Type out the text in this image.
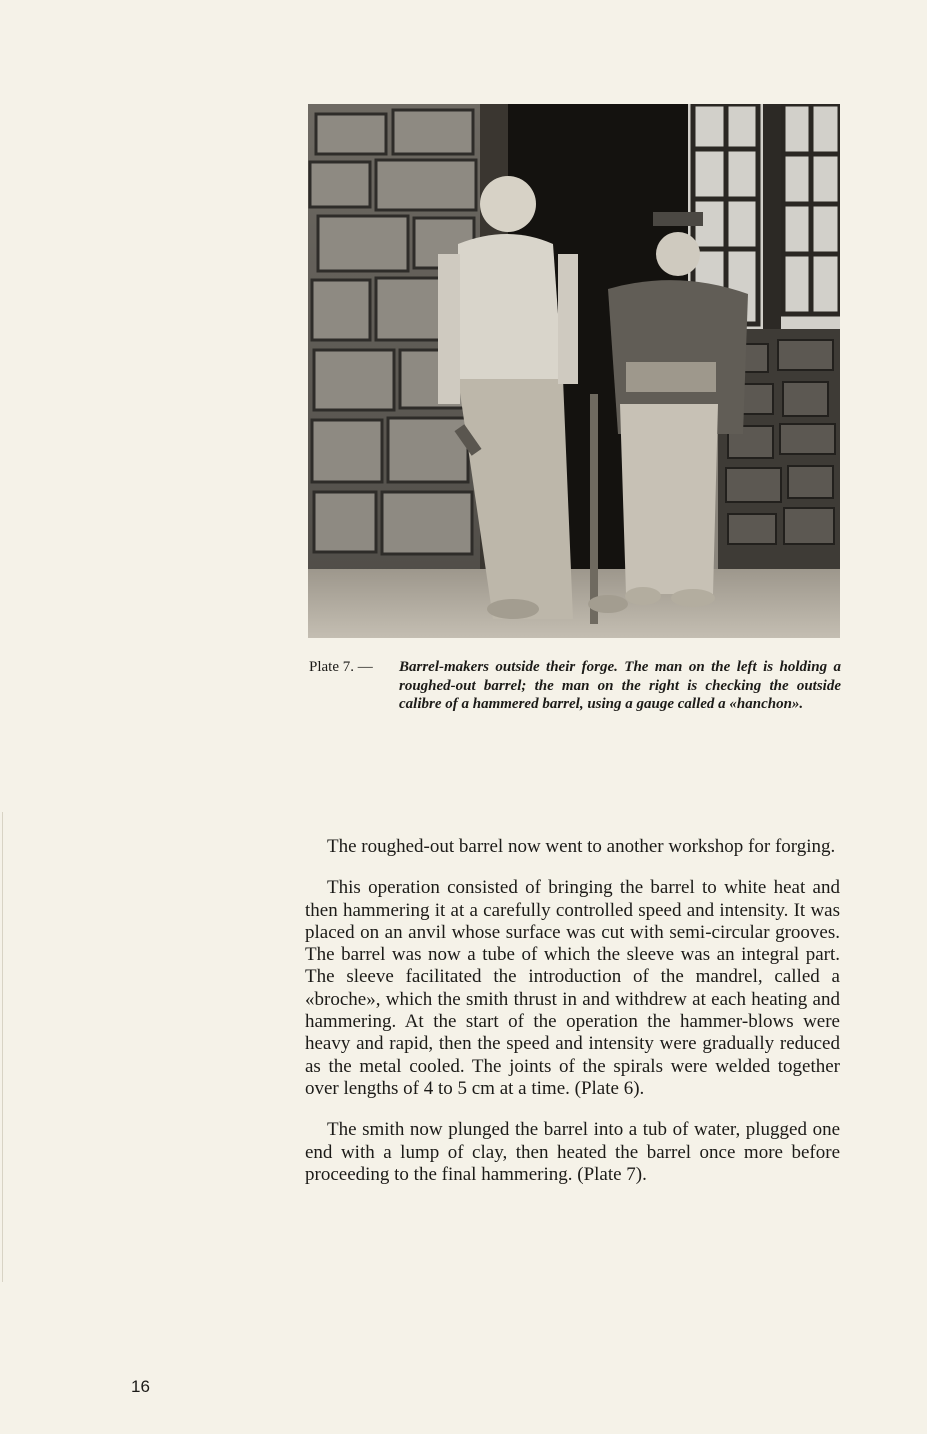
Plate 7. — Barrel-makers outside their forge. The man on the left is holding a roughed-out barrel; the man on the right is checking the outside calibre of a hammered barrel, using a gauge called a «hanchon».

The roughed-out barrel now went to another workshop for forging.

This operation consisted of bringing the barrel to white heat and then hammering it at a carefully controlled speed and intensity. It was placed on an anvil whose surface was cut with semi-circular grooves. The barrel was now a tube of which the sleeve was an integral part. The sleeve facilitated the introduction of the mandrel, called a «broche», which the smith thrust in and withdrew at each heating and hammering. At the start of the operation the hammer-blows were heavy and rapid, then the speed and intensity were gradually reduced as the metal cooled. The joints of the spirals were welded together over lengths of 4 to 5 cm at a time. (Plate 6).

The smith now plunged the barrel into a tub of water, plugged one end with a lump of clay, then heated the barrel once more before proceeding to the final hammering. (Plate 7).

16
